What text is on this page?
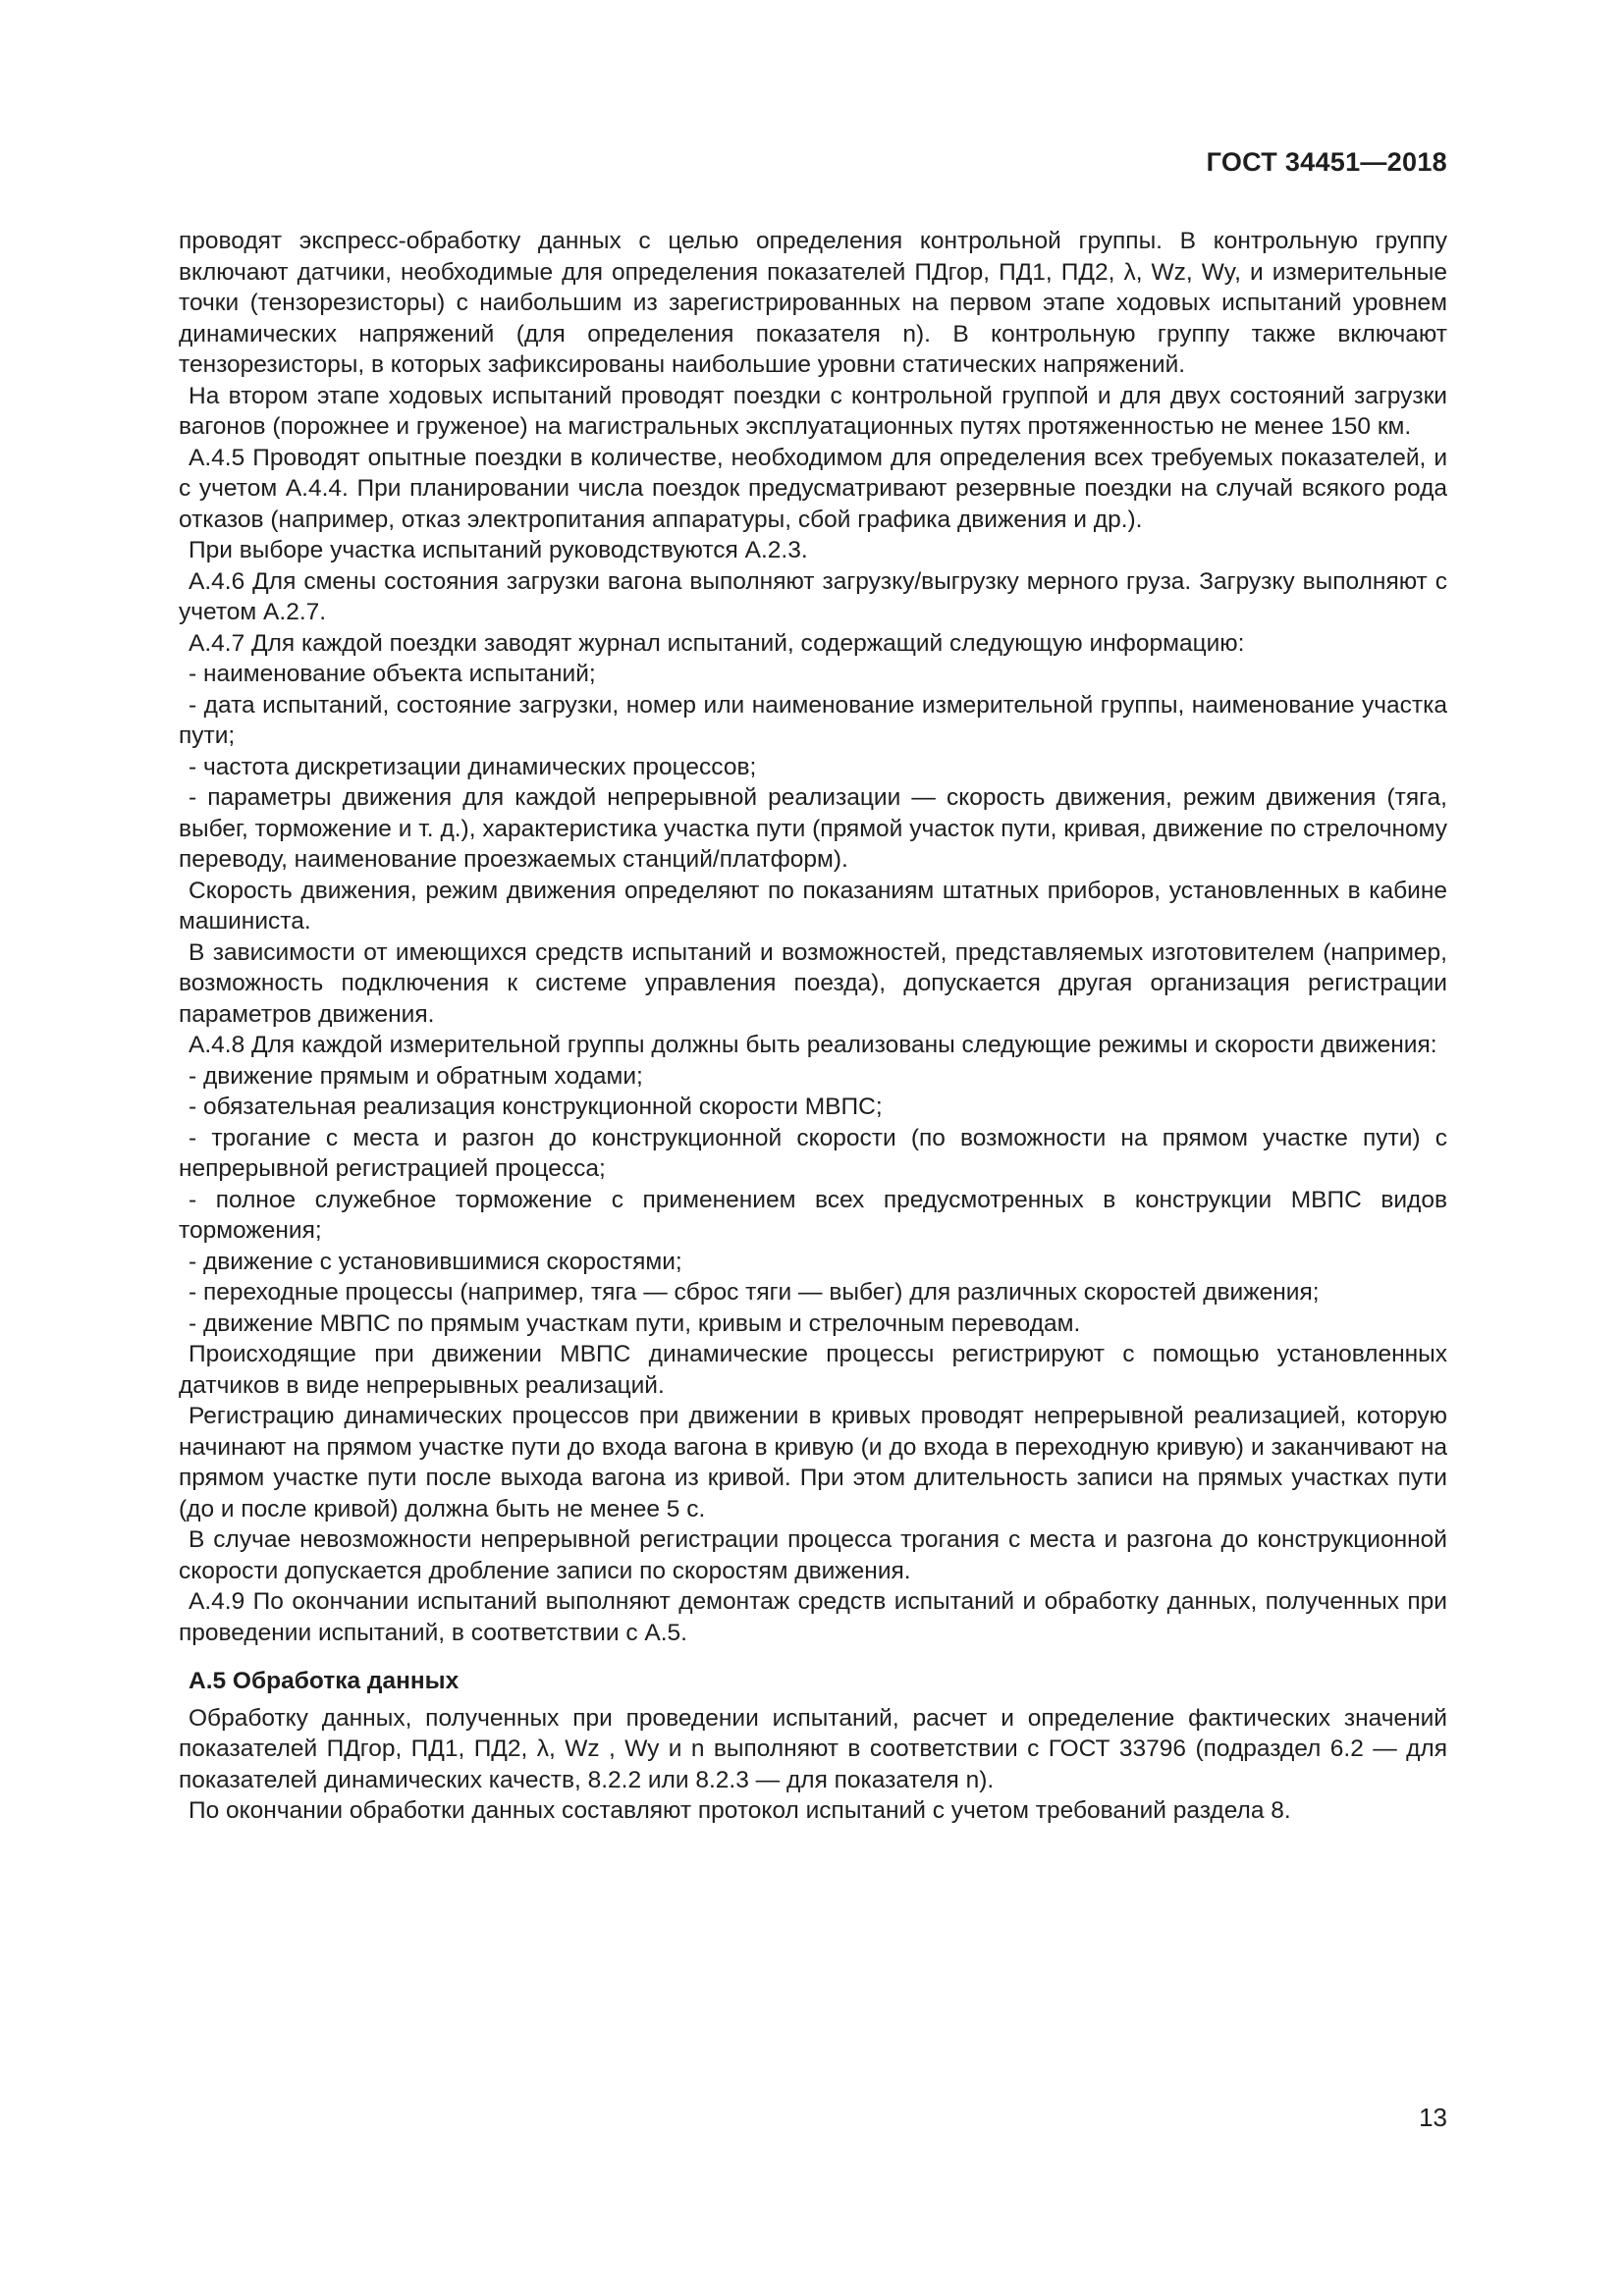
ГОСТ 34451—2018

проводят экспресс-обработку данных с целью определения контрольной группы. В контрольную группу включают датчики, необходимые для определения показателей ПДгор, ПД1, ПД2, λ, Wz, Wy, и измерительные точки (тензорезисторы) с наибольшим из зарегистрированных на первом этапе ходовых испытаний уровнем динамических напряжений (для определения показателя n). В контрольную группу также включают тензорезисторы, в которых зафиксированы наибольшие уровни статических напряжений.

На втором этапе ходовых испытаний проводят поездки с контрольной группой и для двух состояний загрузки вагонов (порожнее и груженое) на магистральных эксплуатационных путях протяженностью не менее 150 км.

А.4.5 Проводят опытные поездки в количестве, необходимом для определения всех требуемых показателей, и с учетом А.4.4. При планировании числа поездок предусматривают резервные поездки на случай всякого рода отказов (например, отказ электропитания аппаратуры, сбой графика движения и др.).

При выборе участка испытаний руководствуются А.2.3.

А.4.6 Для смены состояния загрузки вагона выполняют загрузку/выгрузку мерного груза. Загрузку выполняют с учетом А.2.7.

А.4.7 Для каждой поездки заводят журнал испытаний, содержащий следующую информацию:

- наименование объекта испытаний;

- дата испытаний, состояние загрузки, номер или наименование измерительной группы, наименование участка пути;

- частота дискретизации динамических процессов;

- параметры движения для каждой непрерывной реализации — скорость движения, режим движения (тяга, выбег, торможение и т. д.), характеристика участка пути (прямой участок пути, кривая, движение по стрелочному переводу, наименование проезжаемых станций/платформ).

Скорость движения, режим движения определяют по показаниям штатных приборов, установленных в кабине машиниста.

В зависимости от имеющихся средств испытаний и возможностей, представляемых изготовителем (например, возможность подключения к системе управления поезда), допускается другая организация регистрации параметров движения.

А.4.8 Для каждой измерительной группы должны быть реализованы следующие режимы и скорости движения:

- движение прямым и обратным ходами;

- обязательная реализация конструкционной скорости МВПС;

- трогание с места и разгон до конструкционной скорости (по возможности на прямом участке пути) с непрерывной регистрацией процесса;

- полное служебное торможение с применением всех предусмотренных в конструкции МВПС видов торможения;

- движение с установившимися скоростями;

- переходные процессы (например, тяга — сброс тяги — выбег) для различных скоростей движения;

- движение МВПС по прямым участкам пути, кривым и стрелочным переводам.

Происходящие при движении МВПС динамические процессы регистрируют с помощью установленных датчиков в виде непрерывных реализаций.

Регистрацию динамических процессов при движении в кривых проводят непрерывной реализацией, которую начинают на прямом участке пути до входа вагона в кривую (и до входа в переходную кривую) и заканчивают на прямом участке пути после выхода вагона из кривой. При этом длительность записи на прямых участках пути (до и после кривой) должна быть не менее 5 с.

В случае невозможности непрерывной регистрации процесса трогания с места и разгона до конструкционной скорости допускается дробление записи по скоростям движения.

А.4.9 По окончании испытаний выполняют демонтаж средств испытаний и обработку данных, полученных при проведении испытаний, в соответствии с А.5.

А.5 Обработка данных

Обработку данных, полученных при проведении испытаний, расчет и определение фактических значений показателей ПДгор, ПД1, ПД2, λ, Wz , Wy и n выполняют в соответствии с ГОСТ 33796 (подраздел 6.2 — для показателей динамических качеств, 8.2.2 или 8.2.3 — для показателя n).

По окончании обработки данных составляют протокол испытаний с учетом требований раздела 8.

13
